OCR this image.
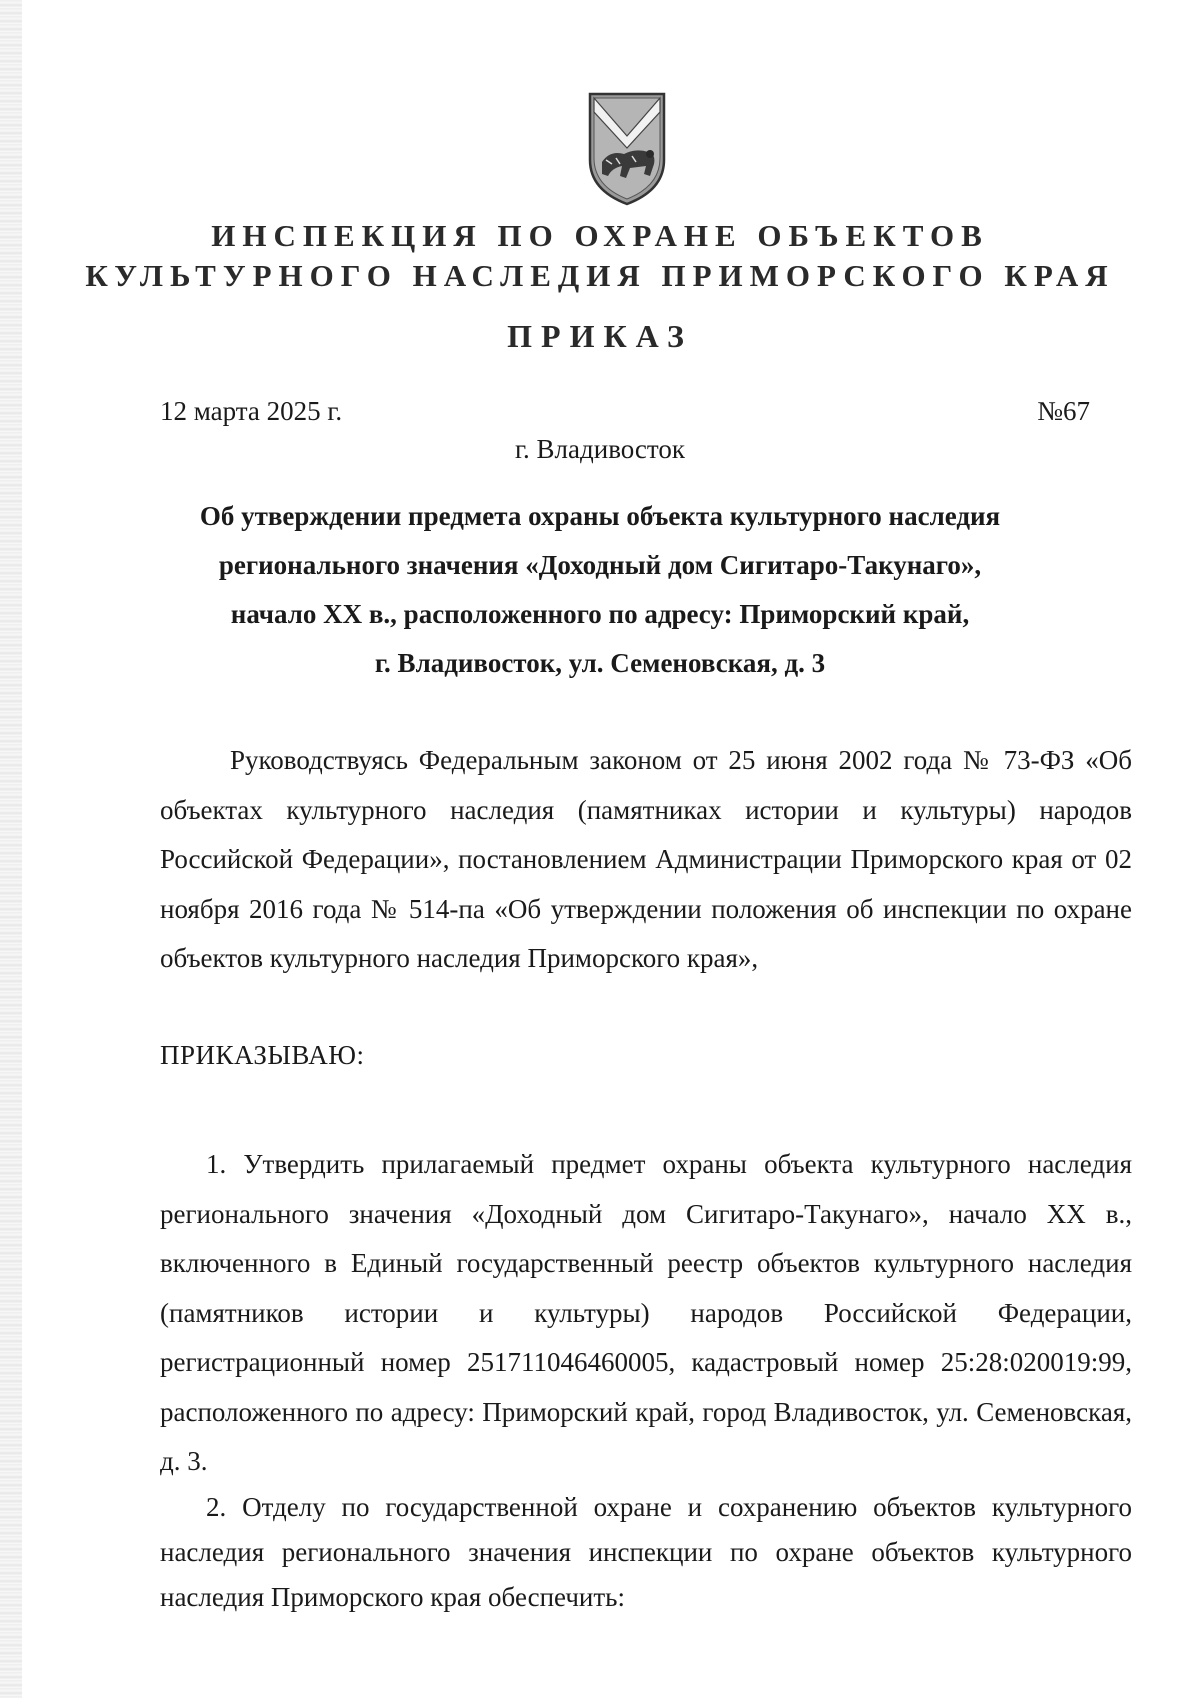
ИНСПЕКЦИЯ ПО ОХРАНЕ ОБЪЕКТОВ
КУЛЬТУРНОГО НАСЛЕДИЯ ПРИМОРСКОГО КРАЯ
ПРИКАЗ
12 марта 2025 г.	№67
г. Владивосток
Об утверждении предмета охраны объекта культурного наследия
регионального значения «Доходный дом Сигитаро-Такунаго»,
начало XX в., расположенного по адресу: Приморский край,
г. Владивосток, ул. Семеновская, д. 3
Руководствуясь Федеральным законом от 25 июня 2002 года № 73-ФЗ «Об объектах культурного наследия (памятниках истории и культуры) народов Российской Федерации», постановлением Администрации Приморского края от 02 ноября 2016 года № 514-па «Об утверждении положения об инспекции по охране объектов культурного наследия Приморского края»,
ПРИКАЗЫВАЮ:
1. Утвердить прилагаемый предмет охраны объекта культурного наследия регионального значения «Доходный дом Сигитаро-Такунаго», начало XX в., включенного в Единый государственный реестр объектов культурного наследия (памятников истории и культуры) народов Российской Федерации, регистрационный номер 251711046460005, кадастровый номер 25:28:020019:99, расположенного по адресу: Приморский край, город Владивосток, ул. Семеновская, д. 3.
2. Отделу по государственной охране и сохранению объектов культурного наследия регионального значения инспекции по охране объектов культурного наследия Приморского края обеспечить:
